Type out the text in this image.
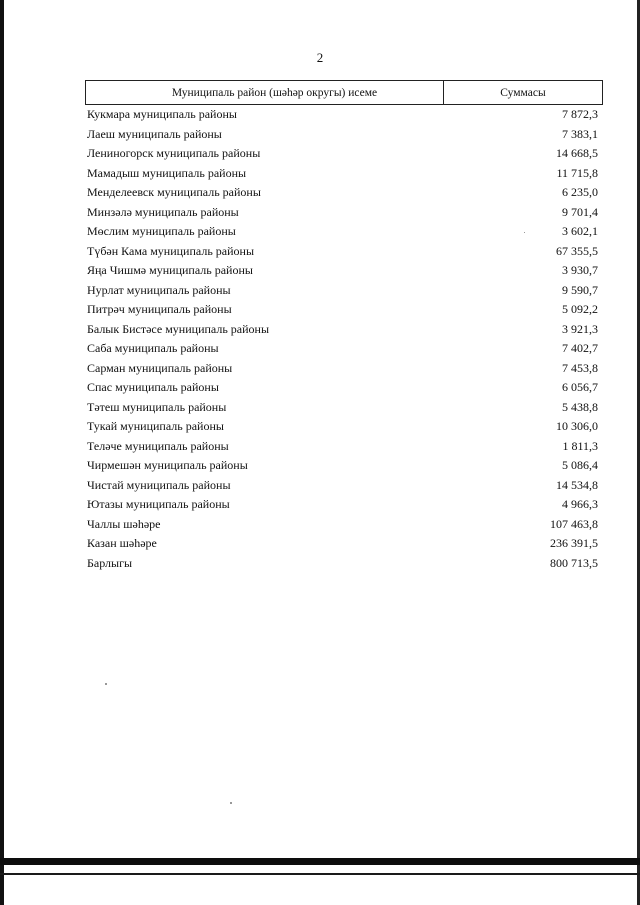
2
Муниципаль район (шәһәр округы) исеме	Суммасы
Кукмара муниципаль районы	7 872,3
Лаеш муниципаль районы	7 383,1
Лениногорск муниципаль районы	14 668,5
Мамадыш муниципаль районы	11 715,8
Менделеевск муниципаль районы	6 235,0
Минзәлә муниципаль районы	9 701,4
Мөслим муниципаль районы	3 602,1
Түбән Кама муниципаль районы	67 355,5
Яңа Чишмә муниципаль районы	3 930,7
Нурлат муниципаль районы	9 590,7
Питрәч муниципаль районы	5 092,2
Балык Бистәсе муниципаль районы	3 921,3
Саба муниципаль районы	7 402,7
Сарман муниципаль районы	7 453,8
Спас муниципаль районы	6 056,7
Тәтеш муниципаль районы	5 438,8
Тукай муниципаль районы	10 306,0
Теләче муниципаль районы	1 811,3
Чирмешән муниципаль районы	5 086,4
Чистай муниципаль районы	14 534,8
Ютазы муниципаль районы	4 966,3
Чаллы шәһәре	107 463,8
Казан шәһәре	236 391,5
Барлыгы	800 713,5
